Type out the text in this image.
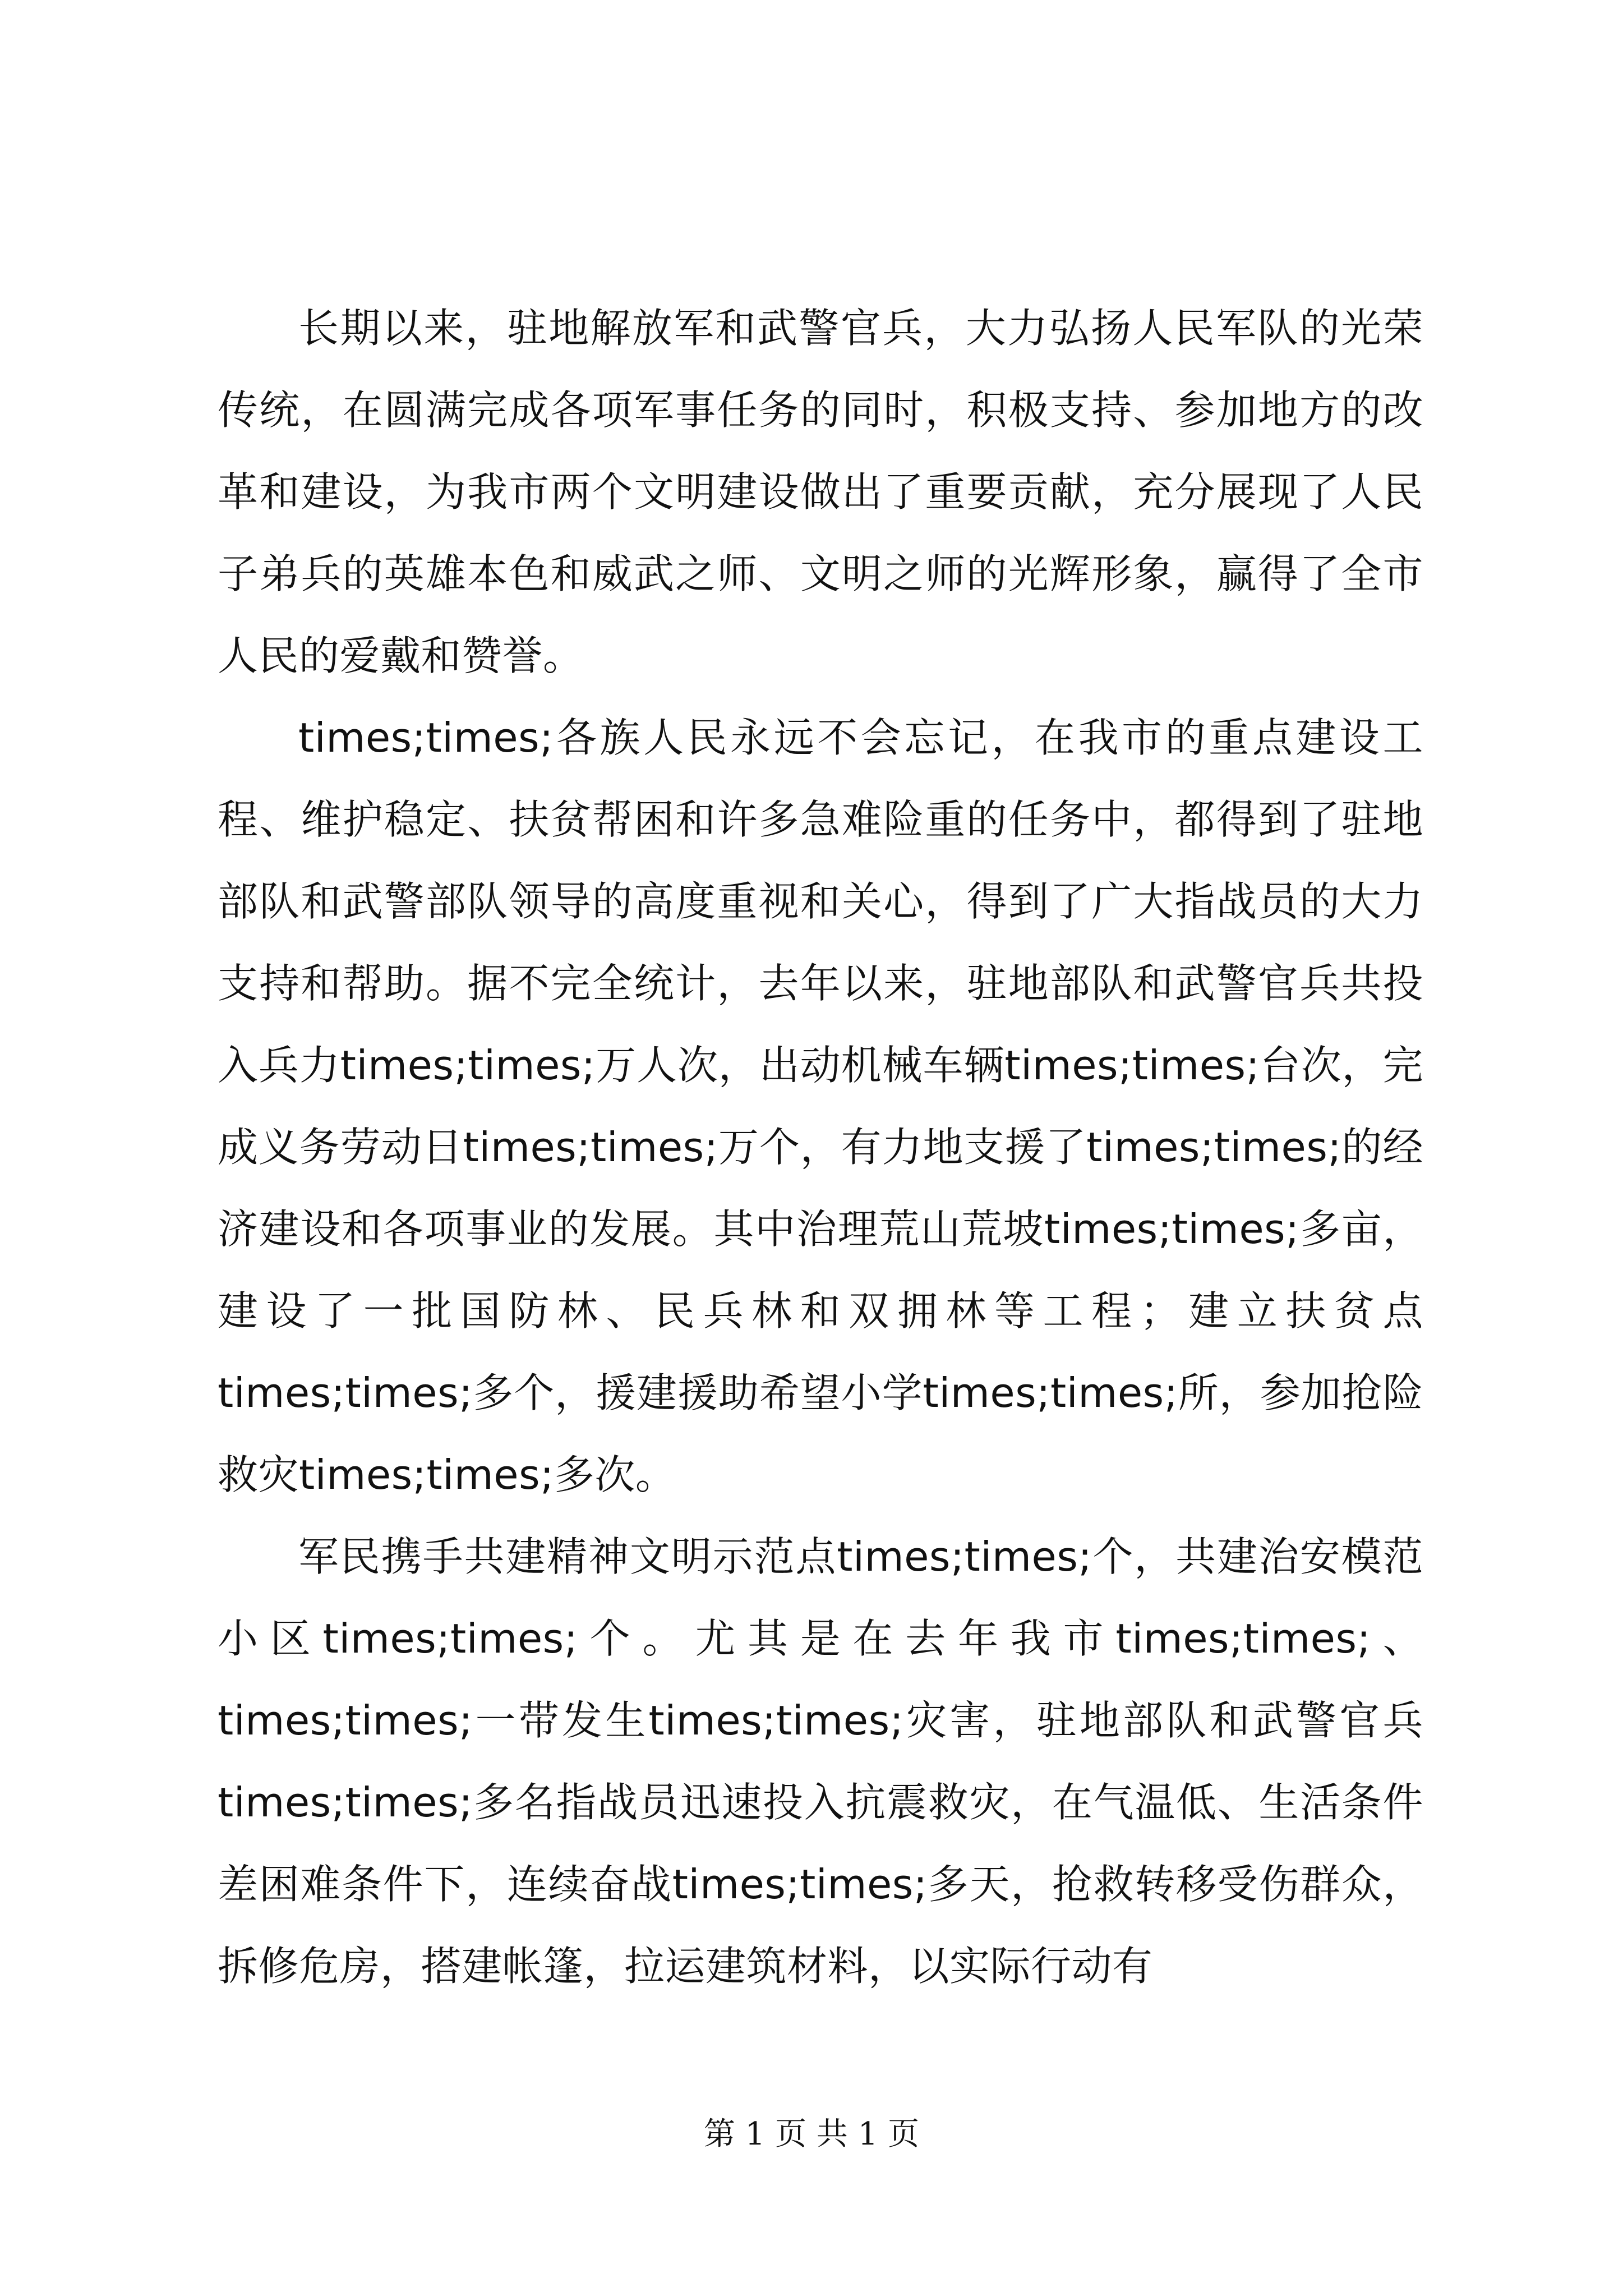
长期以来，驻地解放军和武警官兵，大力弘扬人民军队的光荣传统，在圆满完成各项军事任务的同时，积极支持、参加地方的改革和建设，为我市两个文明建设做出了重要贡献，充分展现了人民子弟兵的英雄本色和威武之师、文明之师的光辉形象，赢得了全市人民的爱戴和赞誉。

times;times;各族人民永远不会忘记，在我市的重点建设工程、维护稳定、扶贫帮困和许多急难险重的任务中，都得到了驻地部队和武警部队领导的高度重视和关心，得到了广大指战员的大力支持和帮助。据不完全统计，去年以来，驻地部队和武警官兵共投入兵力times;times;万人次，出动机械车辆times;times;台次，完成义务劳动日times;times;万个，有力地支援了times;times;的经济建设和各项事业的发展。其中治理荒山荒坡times;times;多亩，建设了一批国防林、民兵林和双拥林等工程；建立扶贫点times;times;多个，援建援助希望小学times;times;所，参加抢险救灾times;times;多次。

军民携手共建精神文明示范点times;times;个，共建治安模范小区times;times;个。尤其是在去年我市times;times;、times;times;一带发生times;times;灾害，驻地部队和武警官兵times;times;多名指战员迅速投入抗震救灾，在气温低、生活条件差困难条件下，连续奋战times;times;多天，抢救转移受伤群众，拆修危房，搭建帐篷，拉运建筑材料，以实际行动有

第 1 页 共 1 页
